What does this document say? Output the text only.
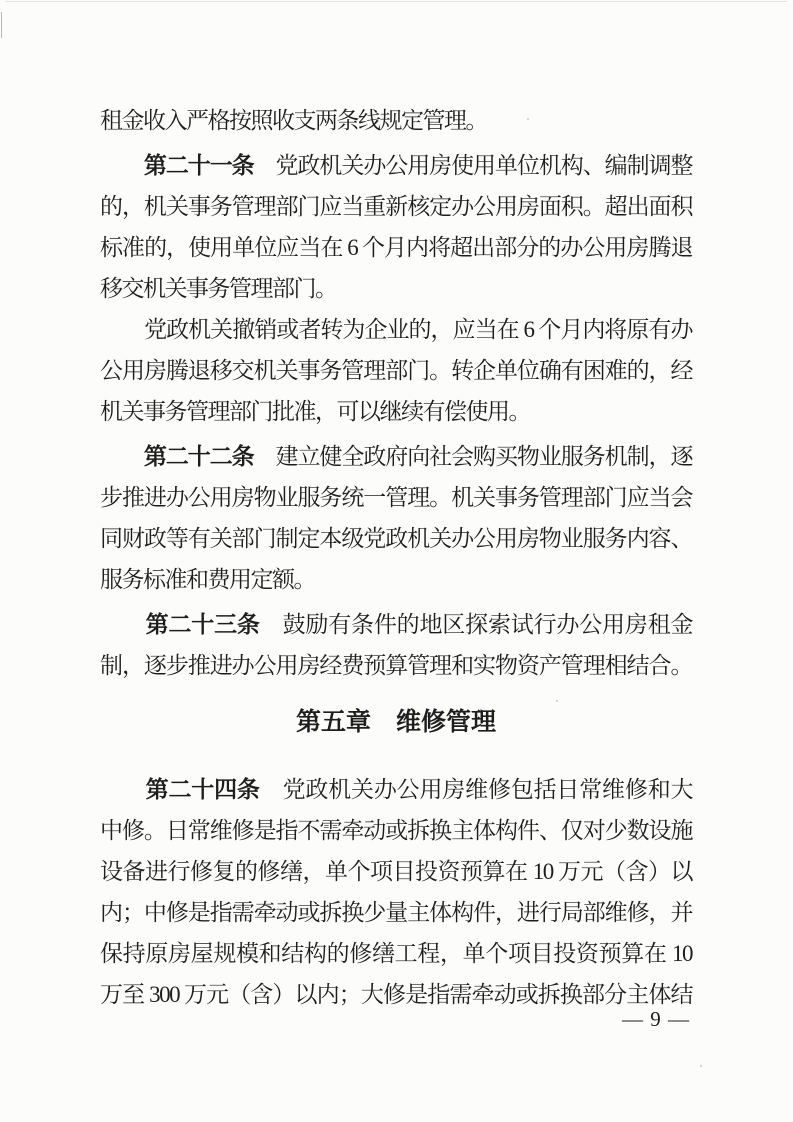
租金收入严格按照收支两条线规定管理。
　　第二十一条　党政机关办公用房使用单位机构、编制调整
的，机关事务管理部门应当重新核定办公用房面积。超出面积
标准的，使用单位应当在 6 个月内将超出部分的办公用房腾退
移交机关事务管理部门。
　　党政机关撤销或者转为企业的，应当在 6 个月内将原有办
公用房腾退移交机关事务管理部门。转企单位确有困难的，经
机关事务管理部门批准，可以继续有偿使用。
　　第二十二条　建立健全政府向社会购买物业服务机制，逐
步推进办公用房物业服务统一管理。机关事务管理部门应当会
同财政等有关部门制定本级党政机关办公用房物业服务内容、
服务标准和费用定额。
　　第二十三条　鼓励有条件的地区探索试行办公用房租金
制，逐步推进办公用房经费预算管理和实物资产管理相结合。
第五章　维修管理
　　第二十四条　党政机关办公用房维修包括日常维修和大
中修。日常维修是指不需牵动或拆换主体构件、仅对少数设施
设备进行修复的修缮，单个项目投资预算在 10 万元（含）以
内；中修是指需牵动或拆换少量主体构件，进行局部维修，并
保持原房屋规模和结构的修缮工程，单个项目投资预算在 10
万至 300 万元（含）以内；大修是指需牵动或拆换部分主体结
— 9 —
